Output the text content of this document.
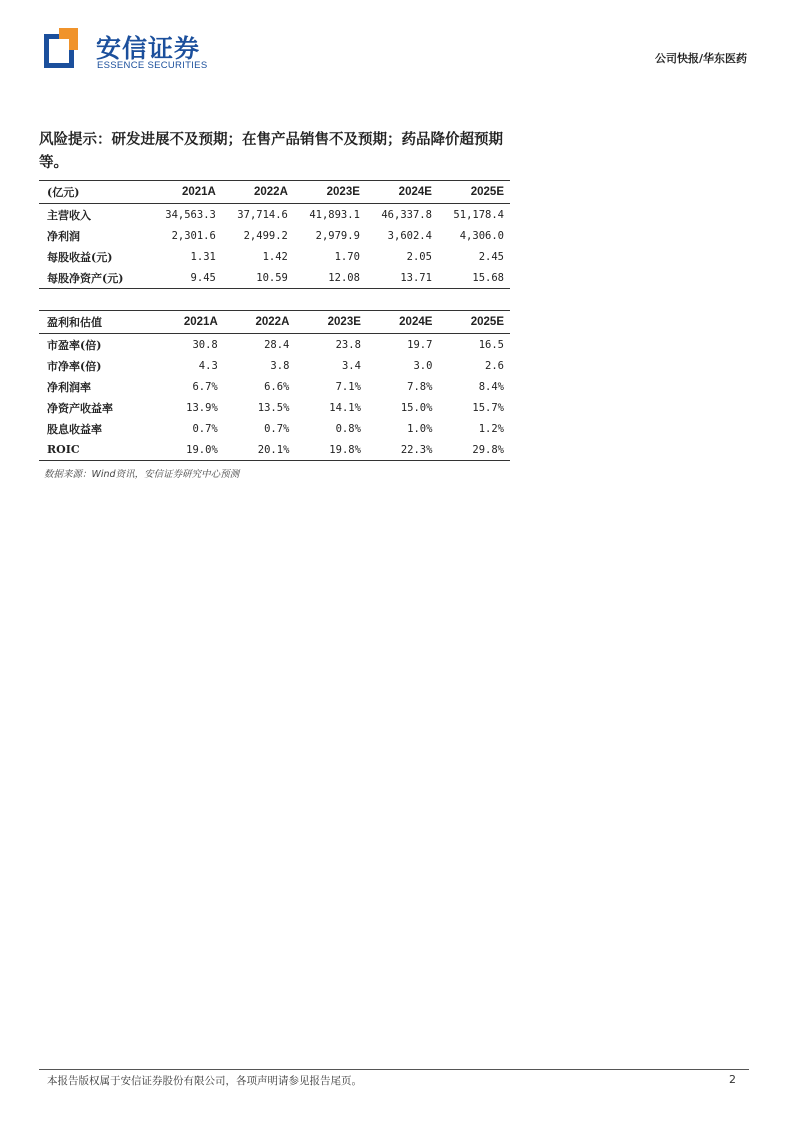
安信证券
ESSENCE SECURITIES
公司快报/华东医药
风险提示：研发进展不及预期；在售产品销售不及预期；药品降价超预期等。
(亿元)	2021A	2022A	2023E	2024E	2025E
主营收入	34,563.3	37,714.6	41,893.1	46,337.8	51,178.4
净利润	2,301.6	2,499.2	2,979.9	3,602.4	4,306.0
每股收益(元)	1.31	1.42	1.70	2.05	2.45
每股净资产(元)	9.45	10.59	12.08	13.71	15.68
盈利和估值	2021A	2022A	2023E	2024E	2025E
市盈率(倍)	30.8	28.4	23.8	19.7	16.5
市净率(倍)	4.3	3.8	3.4	3.0	2.6
净利润率	6.7%	6.6%	7.1%	7.8%	8.4%
净资产收益率	13.9%	13.5%	14.1%	15.0%	15.7%
股息收益率	0.7%	0.7%	0.8%	1.0%	1.2%
ROIC	19.0%	20.1%	19.8%	22.3%	29.8%
数据来源：Wind资讯，安信证券研究中心预测
本报告版权属于安信证券股份有限公司，各项声明请参见报告尾页。	2
